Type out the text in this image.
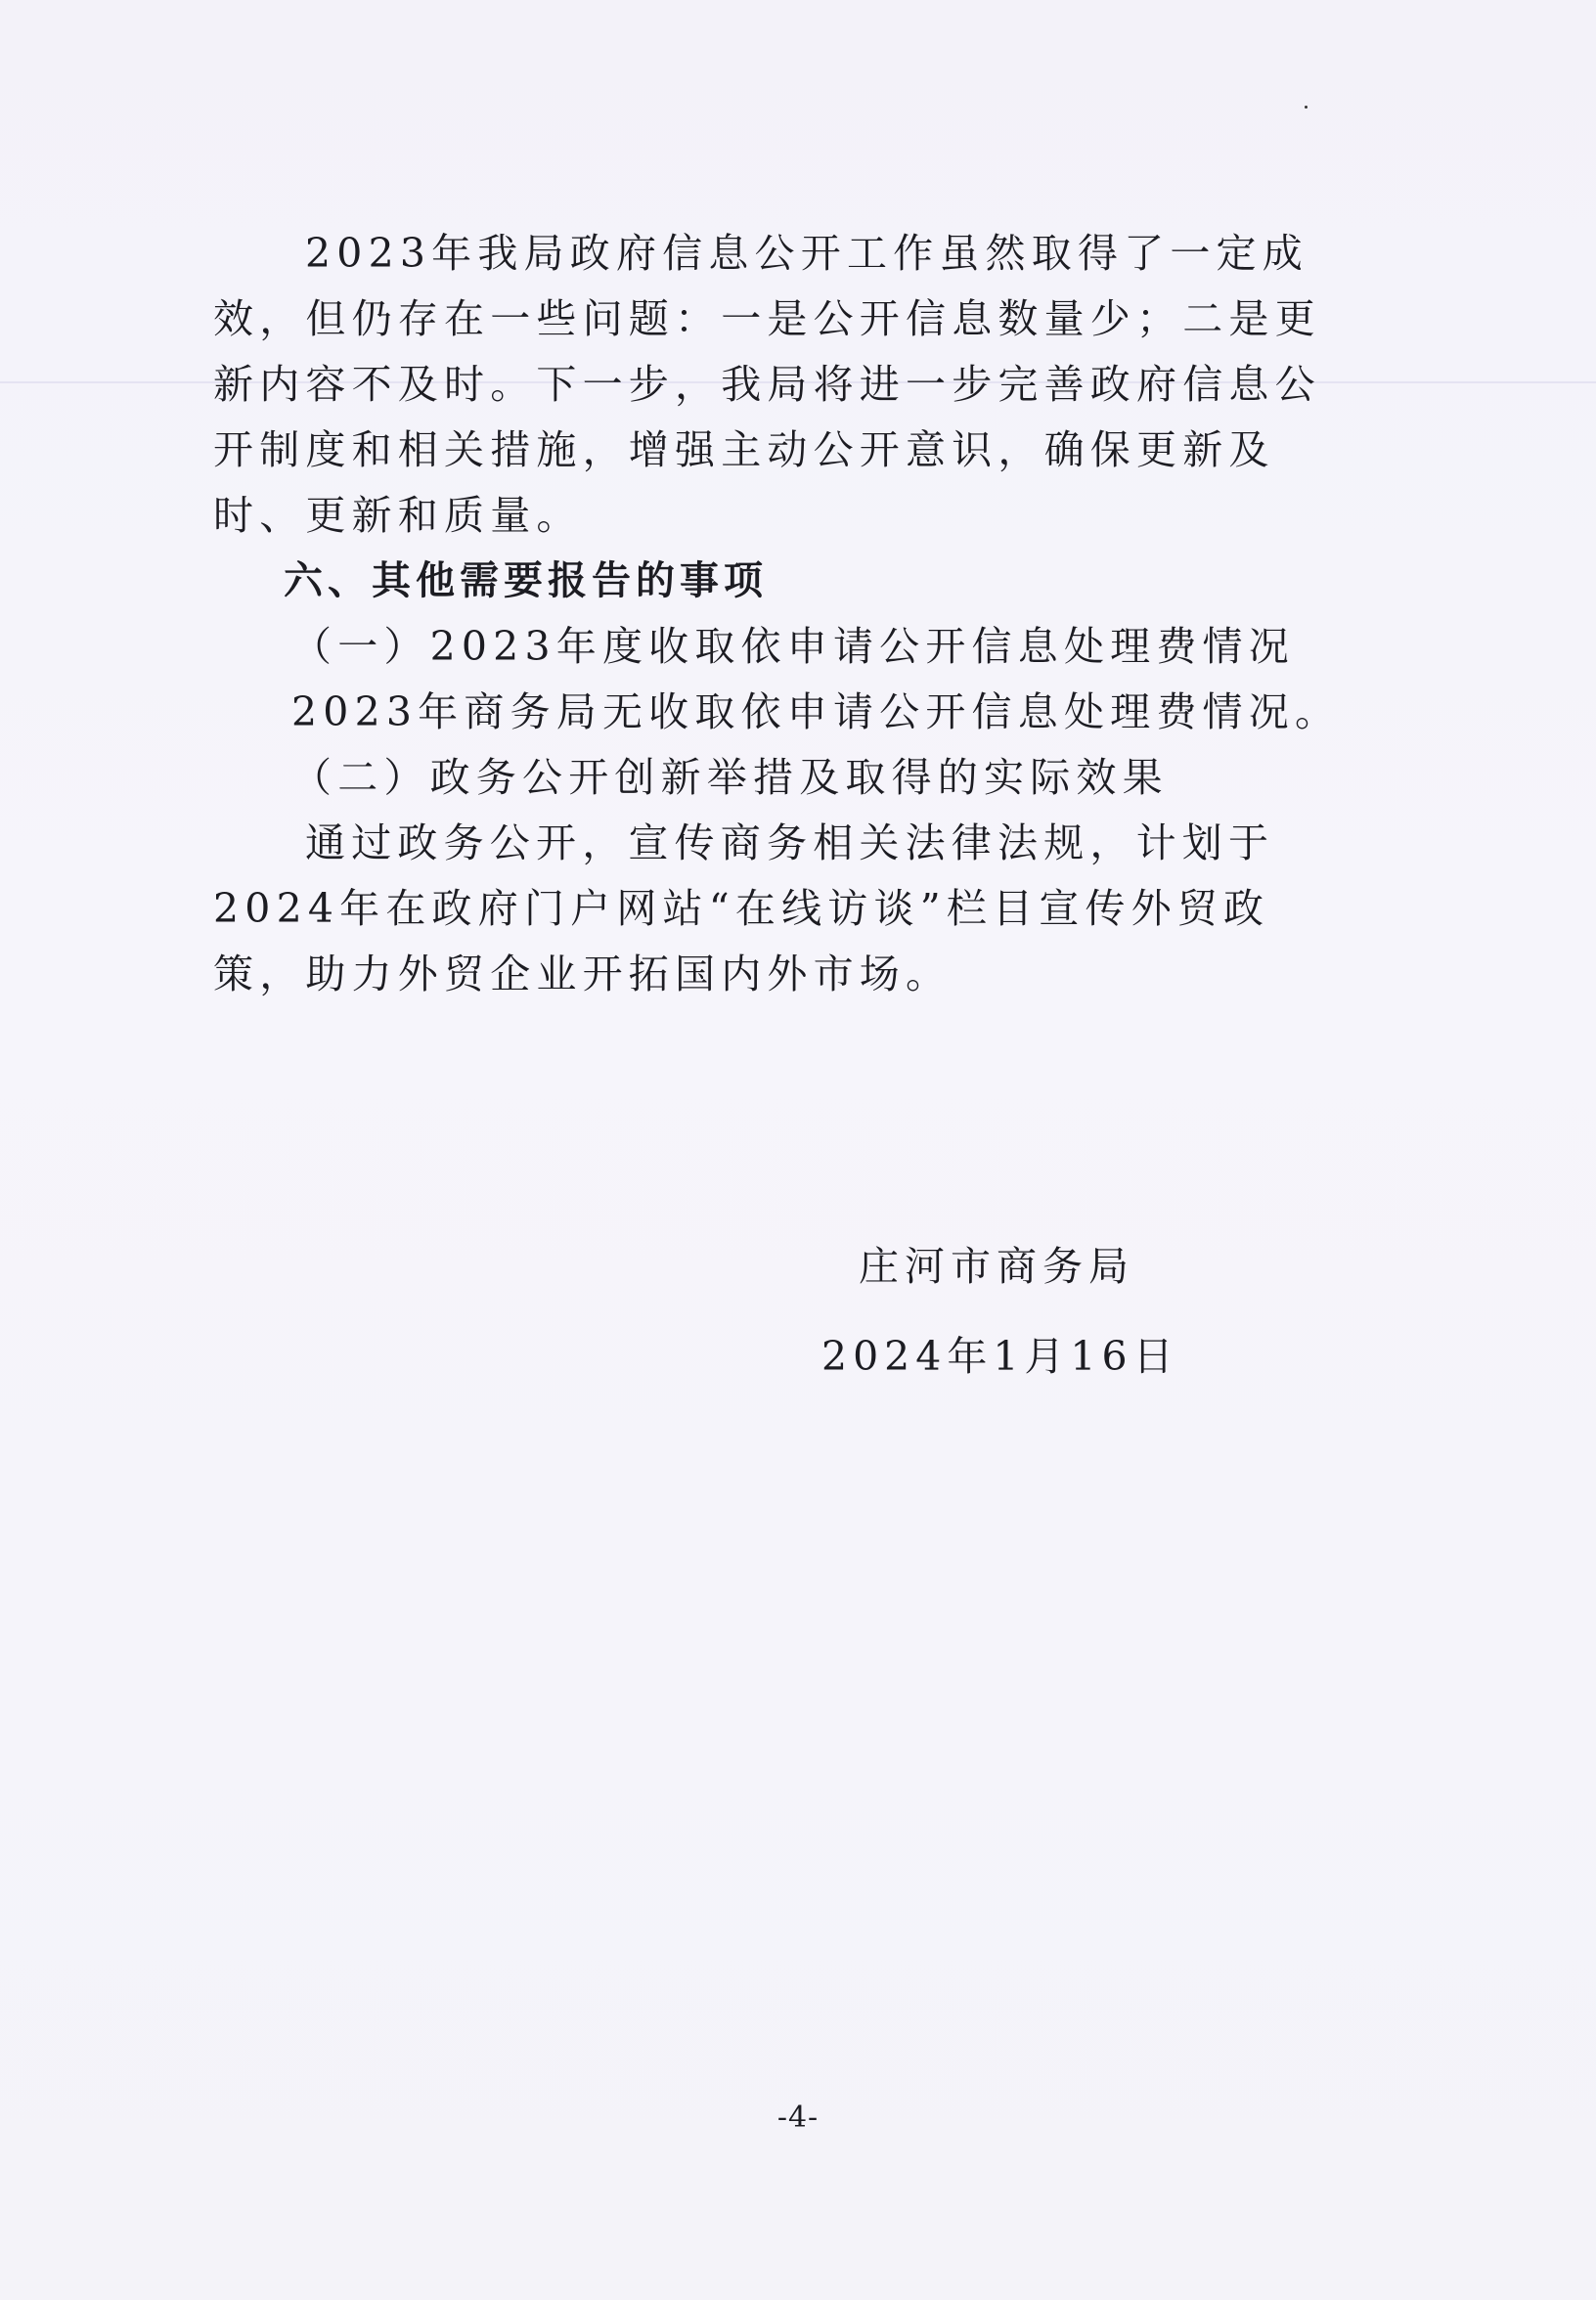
2023年我局政府信息公开工作虽然取得了一定成效，但仍存在一些问题：一是公开信息数量少；二是更新内容不及时。下一步，我局将进一步完善政府信息公开制度和相关措施，增强主动公开意识，确保更新及时、更新和质量。

六、其他需要报告的事项

（一）2023年度收取依申请公开信息处理费情况

2023年商务局无收取依申请公开信息处理费情况。

（二）政务公开创新举措及取得的实际效果

通过政务公开，宣传商务相关法律法规，计划于2024年在政府门户网站“在线访谈”栏目宣传外贸政策，助力外贸企业开拓国内外市场。

庄河市商务局
2024年1月16日
-4-
